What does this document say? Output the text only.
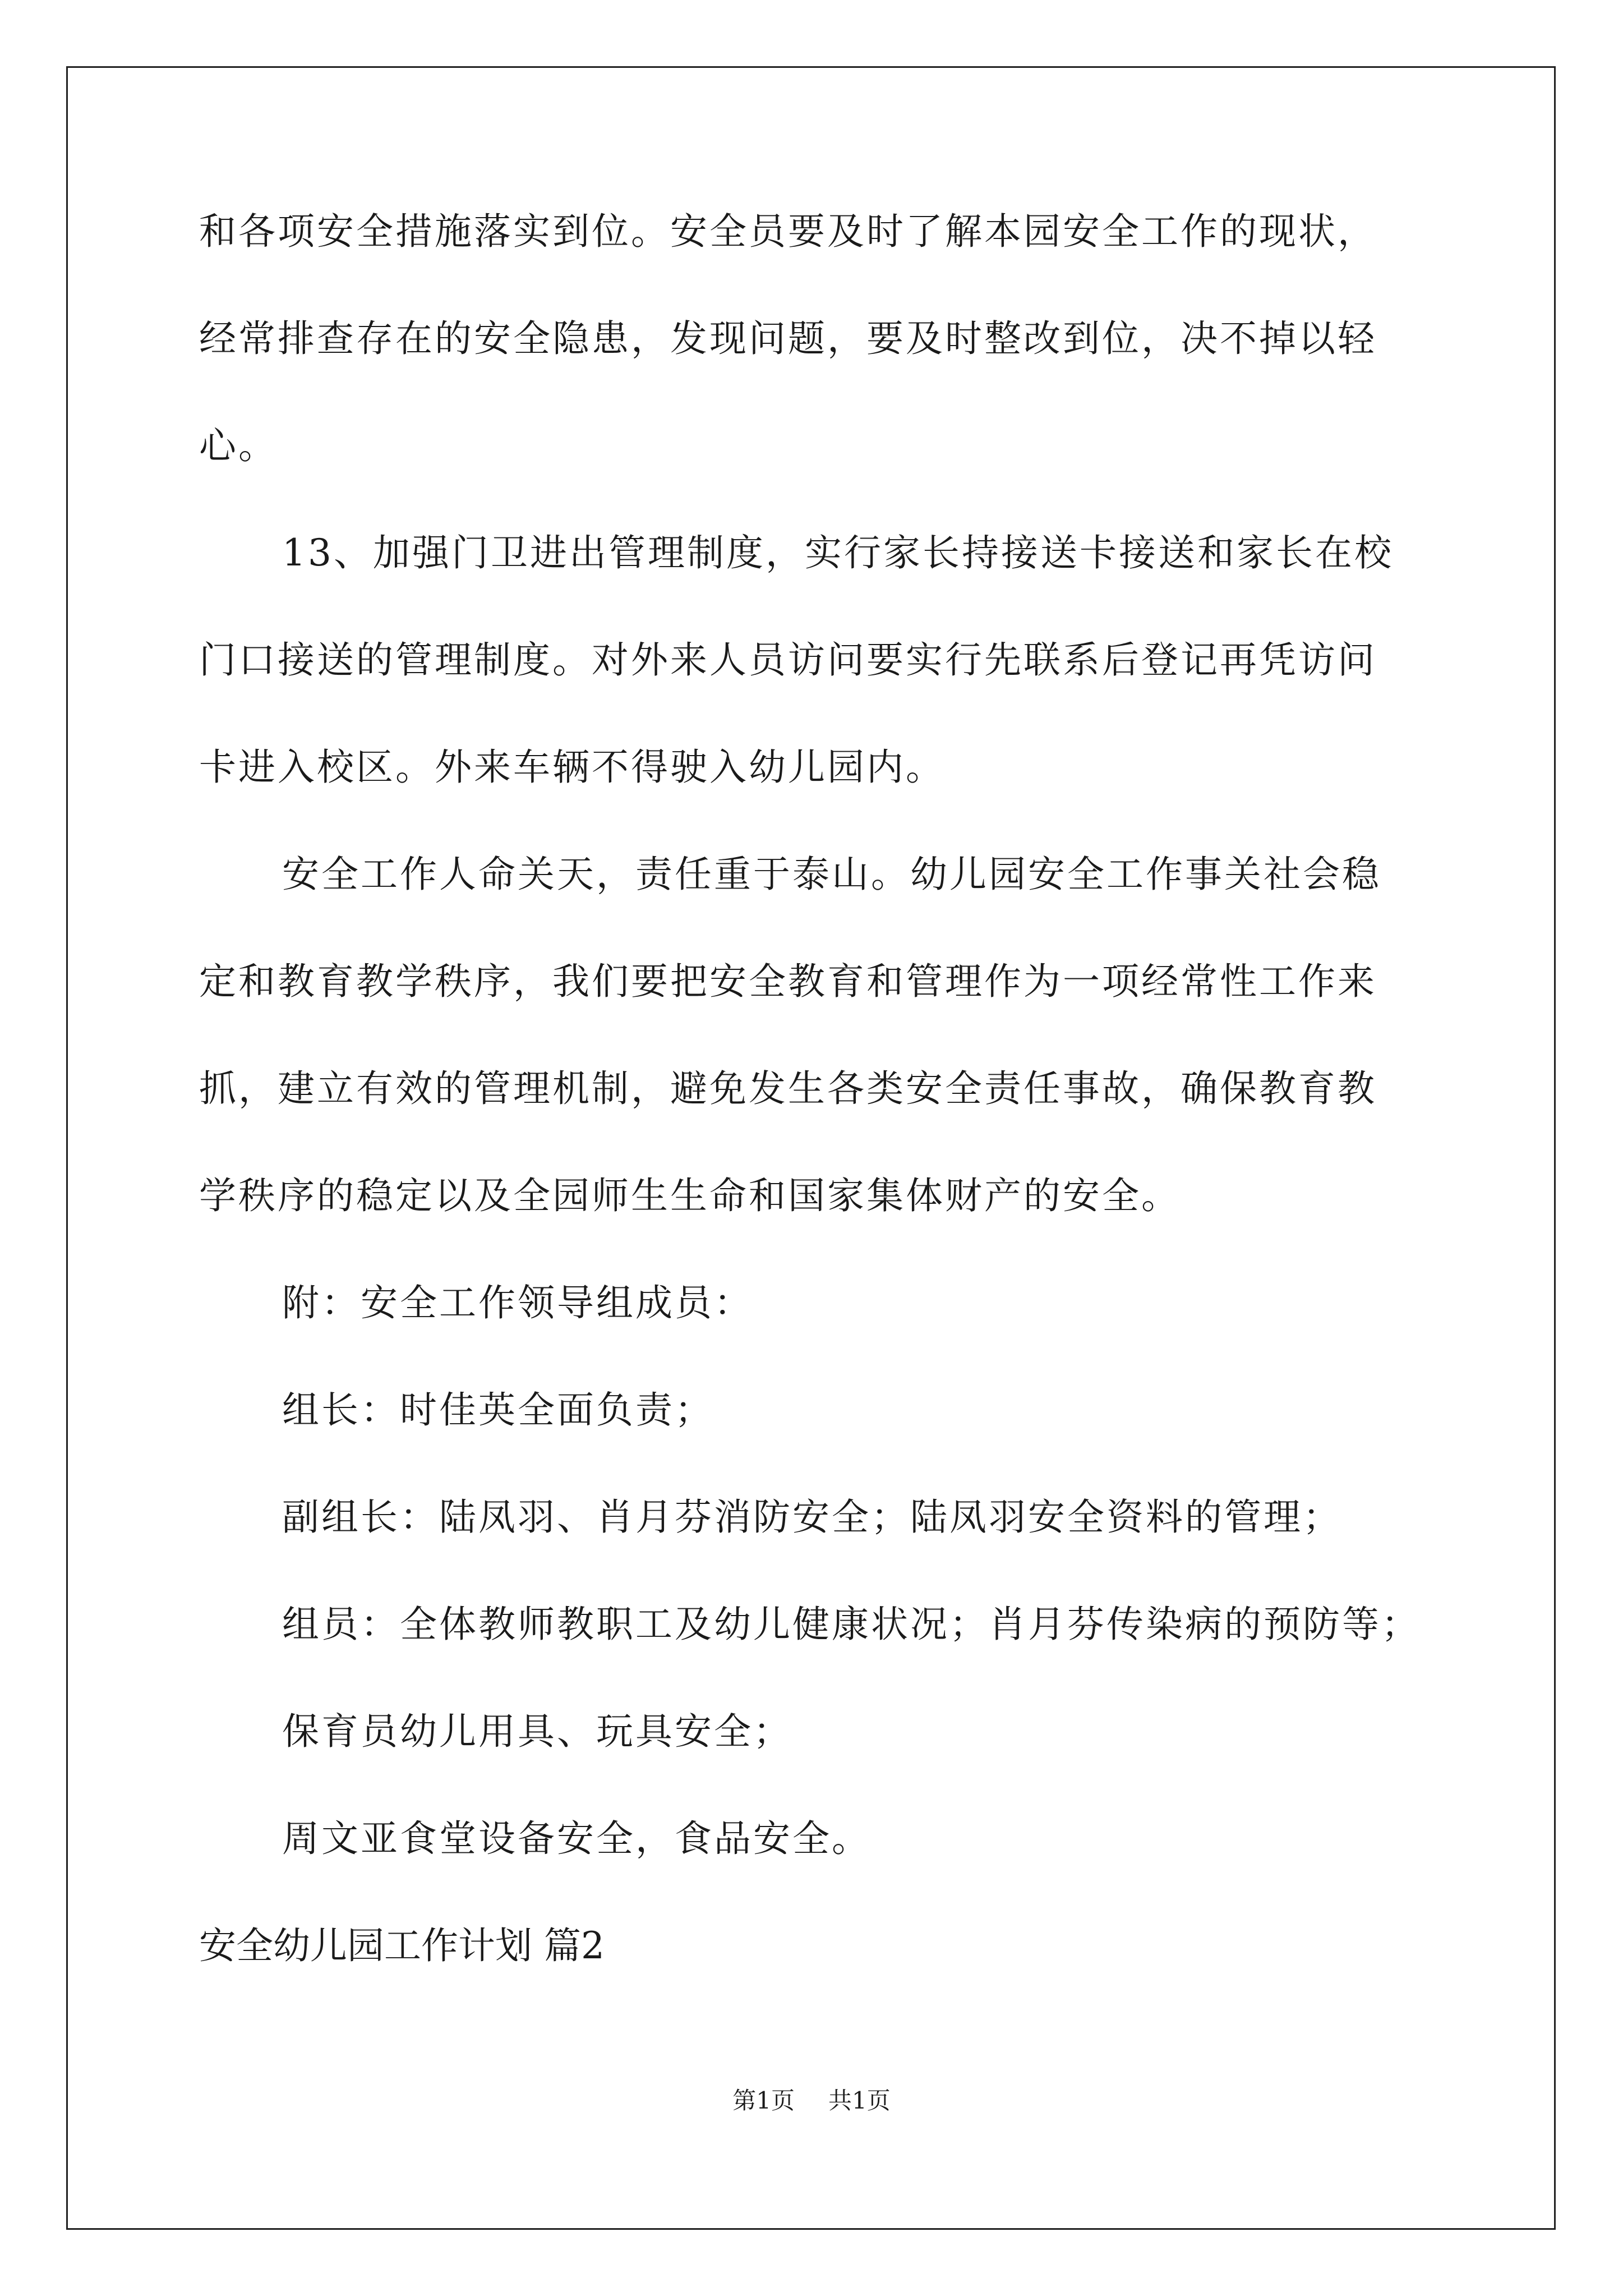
和各项安全措施落实到位。安全员要及时了解本园安全工作的现状，
经常排查存在的安全隐患，发现问题，要及时整改到位，决不掉以轻
心。
13、加强门卫进出管理制度，实行家长持接送卡接送和家长在校
门口接送的管理制度。对外来人员访问要实行先联系后登记再凭访问
卡进入校区。外来车辆不得驶入幼儿园内。
安全工作人命关天，责任重于泰山。幼儿园安全工作事关社会稳
定和教育教学秩序，我们要把安全教育和管理作为一项经常性工作来
抓，建立有效的管理机制，避免发生各类安全责任事故，确保教育教
学秩序的稳定以及全园师生生命和国家集体财产的安全。
附：安全工作领导组成员：
组长：时佳英全面负责；
副组长：陆凤羽、肖月芬消防安全；陆凤羽安全资料的管理；
组员：全体教师教职工及幼儿健康状况；肖月芬传染病的预防等；
保育员幼儿用具、玩具安全；
周文亚食堂设备安全，食品安全。
安全幼儿园工作计划 篇2
第1页 共1页
